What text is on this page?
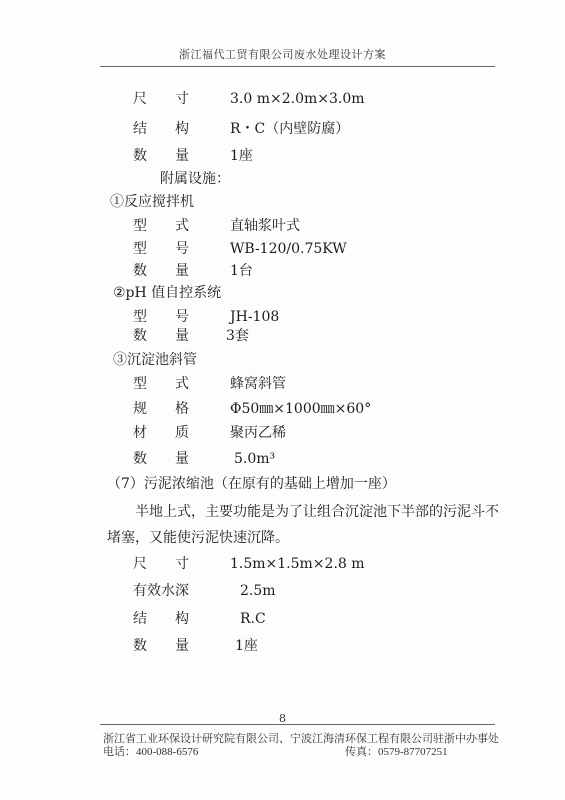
浙江福代工贸有限公司废水处理设计方案
尺　　寸	3.0 m×2.0m×3.0m
结　　构	R・C（内壁防腐）
数　　量	1座
附属设施：
①反应搅拌机
型　　式	直轴浆叶式
型　　号	WB-120/0.75KW
数　　量	1台
②pH 值自控系统
型　　号	JH-108
数　　量	3套
③沉淀池斜管
型　　式	蜂窝斜管
规　　格	Φ50㎜×1000㎜×60°
材　　质	聚丙乙稀
数　　量	5.0m³
（7）污泥浓缩池（在原有的基础上增加一座）
半地上式，主要功能是为了让组合沉淀池下半部的污泥斗不
堵塞，又能使污泥快速沉降。
尺　　寸	1.5m×1.5m×2.8 m
有效水深	2.5m
结　　构	R.C
数　　量	1座
8
浙江省工业环保设计研究院有限公司、宁波江海清环保工程有限公司驻浙中办事处
电话：400-088-6576	传真：0579-87707251
